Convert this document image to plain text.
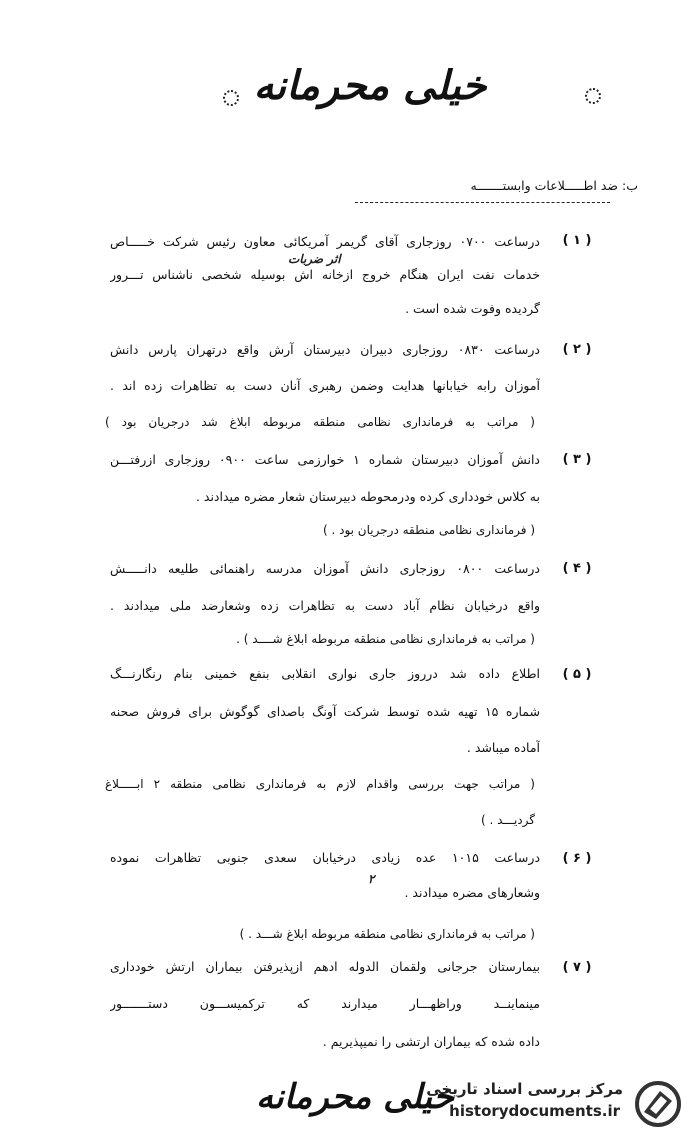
خیلی محرمانه
ب: ضد اطـــــلاعات وابستـــــــه
( ۱ )
درساعت ۰۷۰۰ روزجاری آقای گریمر آمریکائی معاون رئیس شرکت خـــــاص
خدمات نفت ایران هنگام خروج ازخانه اش بوسیله شخصی ناشناس تـــرور
گردیده وفوت شده است .
اثر ضربات
( ۲ )
درساعت ۰۸۳۰ روزجاری دبیران دبیرستان آرش واقع درتهران پارس دانش‌
آموزان رابه خیابانها هدایت وضمن رهبری آنان دست به تظاهرات زده اند .
( مراتب به فرمانداری نظامی منطقه مربوطه ابلاغ شد درجریان بود )
( ۳ )
دانش آموزان دبیرستان شماره ۱ خوارزمی ساعت ۰۹۰۰ روزجاری ازرفتـــن
به کلاس خودداری کرده ودرمحوطه دبیرستان شعار مضره میدادند .
( فرمانداری نظامی منطقه درجریان بود . )
( ۴ )
درساعت ۰۸۰۰ روزجاری دانش آموزان مدرسه راهنمائی طلیعه دانـــــش
واقع درخیابان نظام آباد دست به تظاهرات زده وشعارضد ملی میدادند .
( مراتب به فرمانداری نظامی منطقه مربوطه ابلاغ شــــد ) .
( ۵ )
اطلاع داده شد درروز جاری نواری انقلابی بنفع خمینی بنام رنگارنـــگ
شماره ۱۵ تهیه شده توسط شرکت آونگ باصدای گوگوش برای فروش صحنه
آماده میباشد .
( مراتب جهت بررسی واقدام لازم به فرمانداری نظامی منطقه ۲ ابـــــلاغ
گردیـــد . )
( ۶ )
درساعت ۱۰۱۵ عده زیادی درخیابان سعدی جنوبی تظاهرات نموده
وشعارهای مضره میدادند .
( مراتب به فرمانداری نظامی منطقه مربوطه ابلاغ شـــد . )
۲
( ۷ )
بیمارستان جرجانی ولقمان الدوله ادهم ازپذیرفتن بیماران ارتش خودداری
مینماینــد وراظهـــار میدارند که ترکمیســـون دستـــــــور
داده شده که بیماران ارتشی را نمیپذیریم .
خیلی محرمانه
مرکز بررسی اسناد تاریخی
historydocuments.ir
